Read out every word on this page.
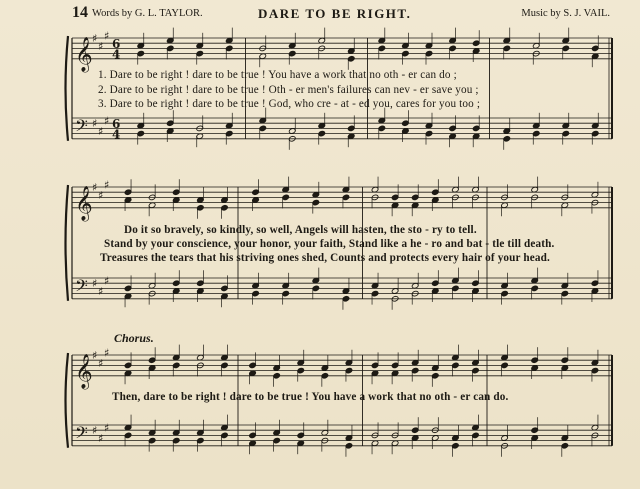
14 Words by G. L. TAYLOR.	DARE TO BE RIGHT.	Music by S. J. VAIL.
𝄞
𝄢
♯
♯
♯
♯
♯
♯
6
4
6
4
𝄞
𝄢
♯
♯
♯
♯
♯
♯
𝄞
𝄢
♯
♯
♯
♯
♯
♯
1. Dare to be right ! dare to be true ! You have a work that no oth - er can do ;
2. Dare to be right ! dare to be true ! Oth - er men's failures can nev - er save you ;
3. Dare to be right ! dare to be true ! God, who cre - at - ed you, cares for you too ;
Do it so bravely, so kindly, so well, Angels will hasten, the sto - ry to tell.
Stand by your conscience, your honor, your faith, Stand like a he - ro and bat - tle till death.
Treasures the tears that his striving ones shed, Counts and protects every hair of your head.
Chorus.
Then, dare to be right ! dare to be true ! You have a work that no oth - er can do.
